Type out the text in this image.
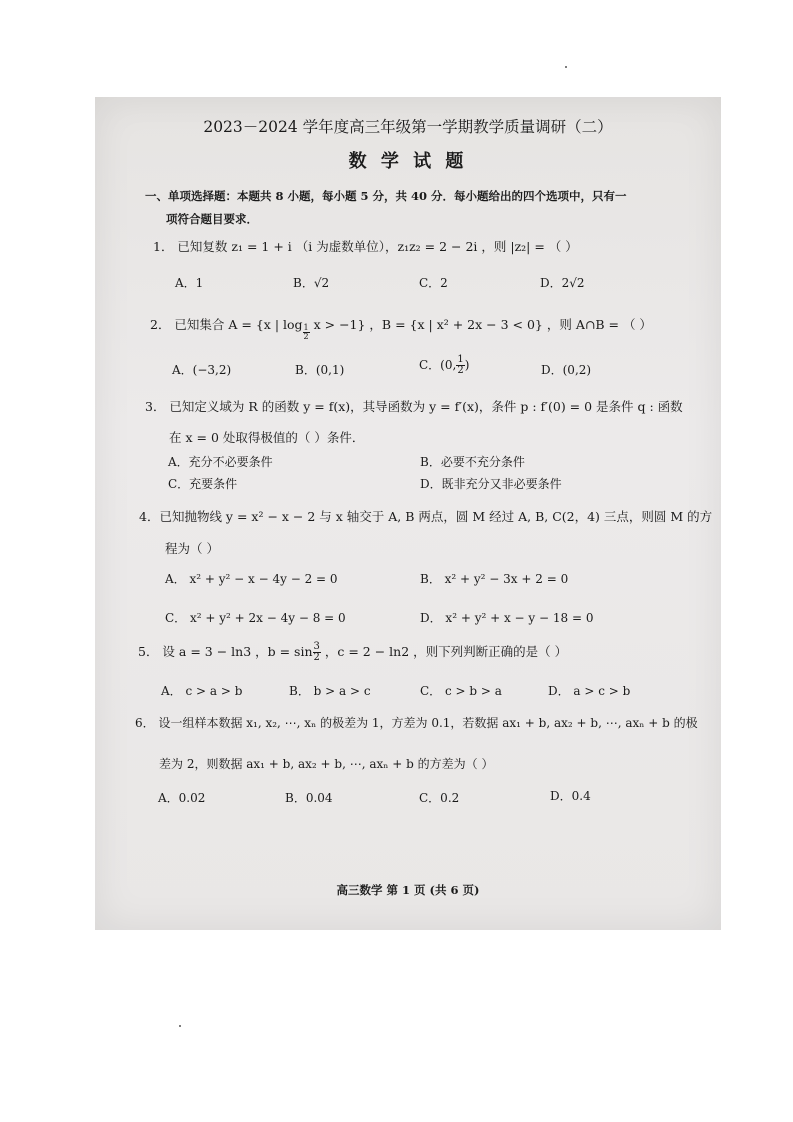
2023－2024 学年度高三年级第一学期教学质量调研（二）
数 学 试 题
一、单项选择题：本题共 8 小题，每小题 5 分，共 40 分．每小题给出的四个选项中，只有一
项符合题目要求．
1． 已知复数 z₁ = 1 + i （i 为虚数单位），z₁z₂ = 2 − 2i ，则 |z₂| = （ ）
A．1	B．√2	C．2	D．2√2
2． 已知集合 A = {x | $\log \frac{1}{2}$ x > −1} ，B = {x | x² + 2x − 3 < 0} ，则 A∩B = （ ）
A．(−3,2)	B．(0,1)	C．(0, $\frac{1}{2}$ )	D．(0,2)
3． 已知定义域为 R 的函数 y = f(x)，其导函数为 y = f′(x)，条件 p : f′(0) = 0 是条件 q : 函数
在 x = 0 处取得极值的（ ）条件．
A．充分不必要条件	B．必要不充分条件
C．充要条件	D．既非充分又非必要条件
4．已知抛物线 y = x² − x − 2 与 x 轴交于 A, B 两点，圆 M 经过 A, B, C(2，4) 三点，则圆 M 的方
程为（ ）
A． x² + y² − x − 4y − 2 = 0	B． x² + y² − 3x + 2 = 0
C． x² + y² + 2x − 4y − 8 = 0	D． x² + y² + x − y − 18 = 0
5． 设 a = 3 − ln3 ，$b = \sin \frac{3}{2}$ ，c = 2 − ln2 ，则下列判断正确的是（ ）
A． c > a > b	B． b > a > c	C． c > b > a	D． a > c > b
6． 设一组样本数据 x₁, x₂, ⋯, xₙ 的极差为 1，方差为 0.1，若数据 ax₁ + b, ax₂ + b, ⋯, axₙ + b 的极
差为 2，则数据 ax₁ + b, ax₂ + b, ⋯, axₙ + b 的方差为（ ）
A．0.02	B．0.04	C．0.2	D．0.4
高三数学 第 1 页 (共 6 页)
